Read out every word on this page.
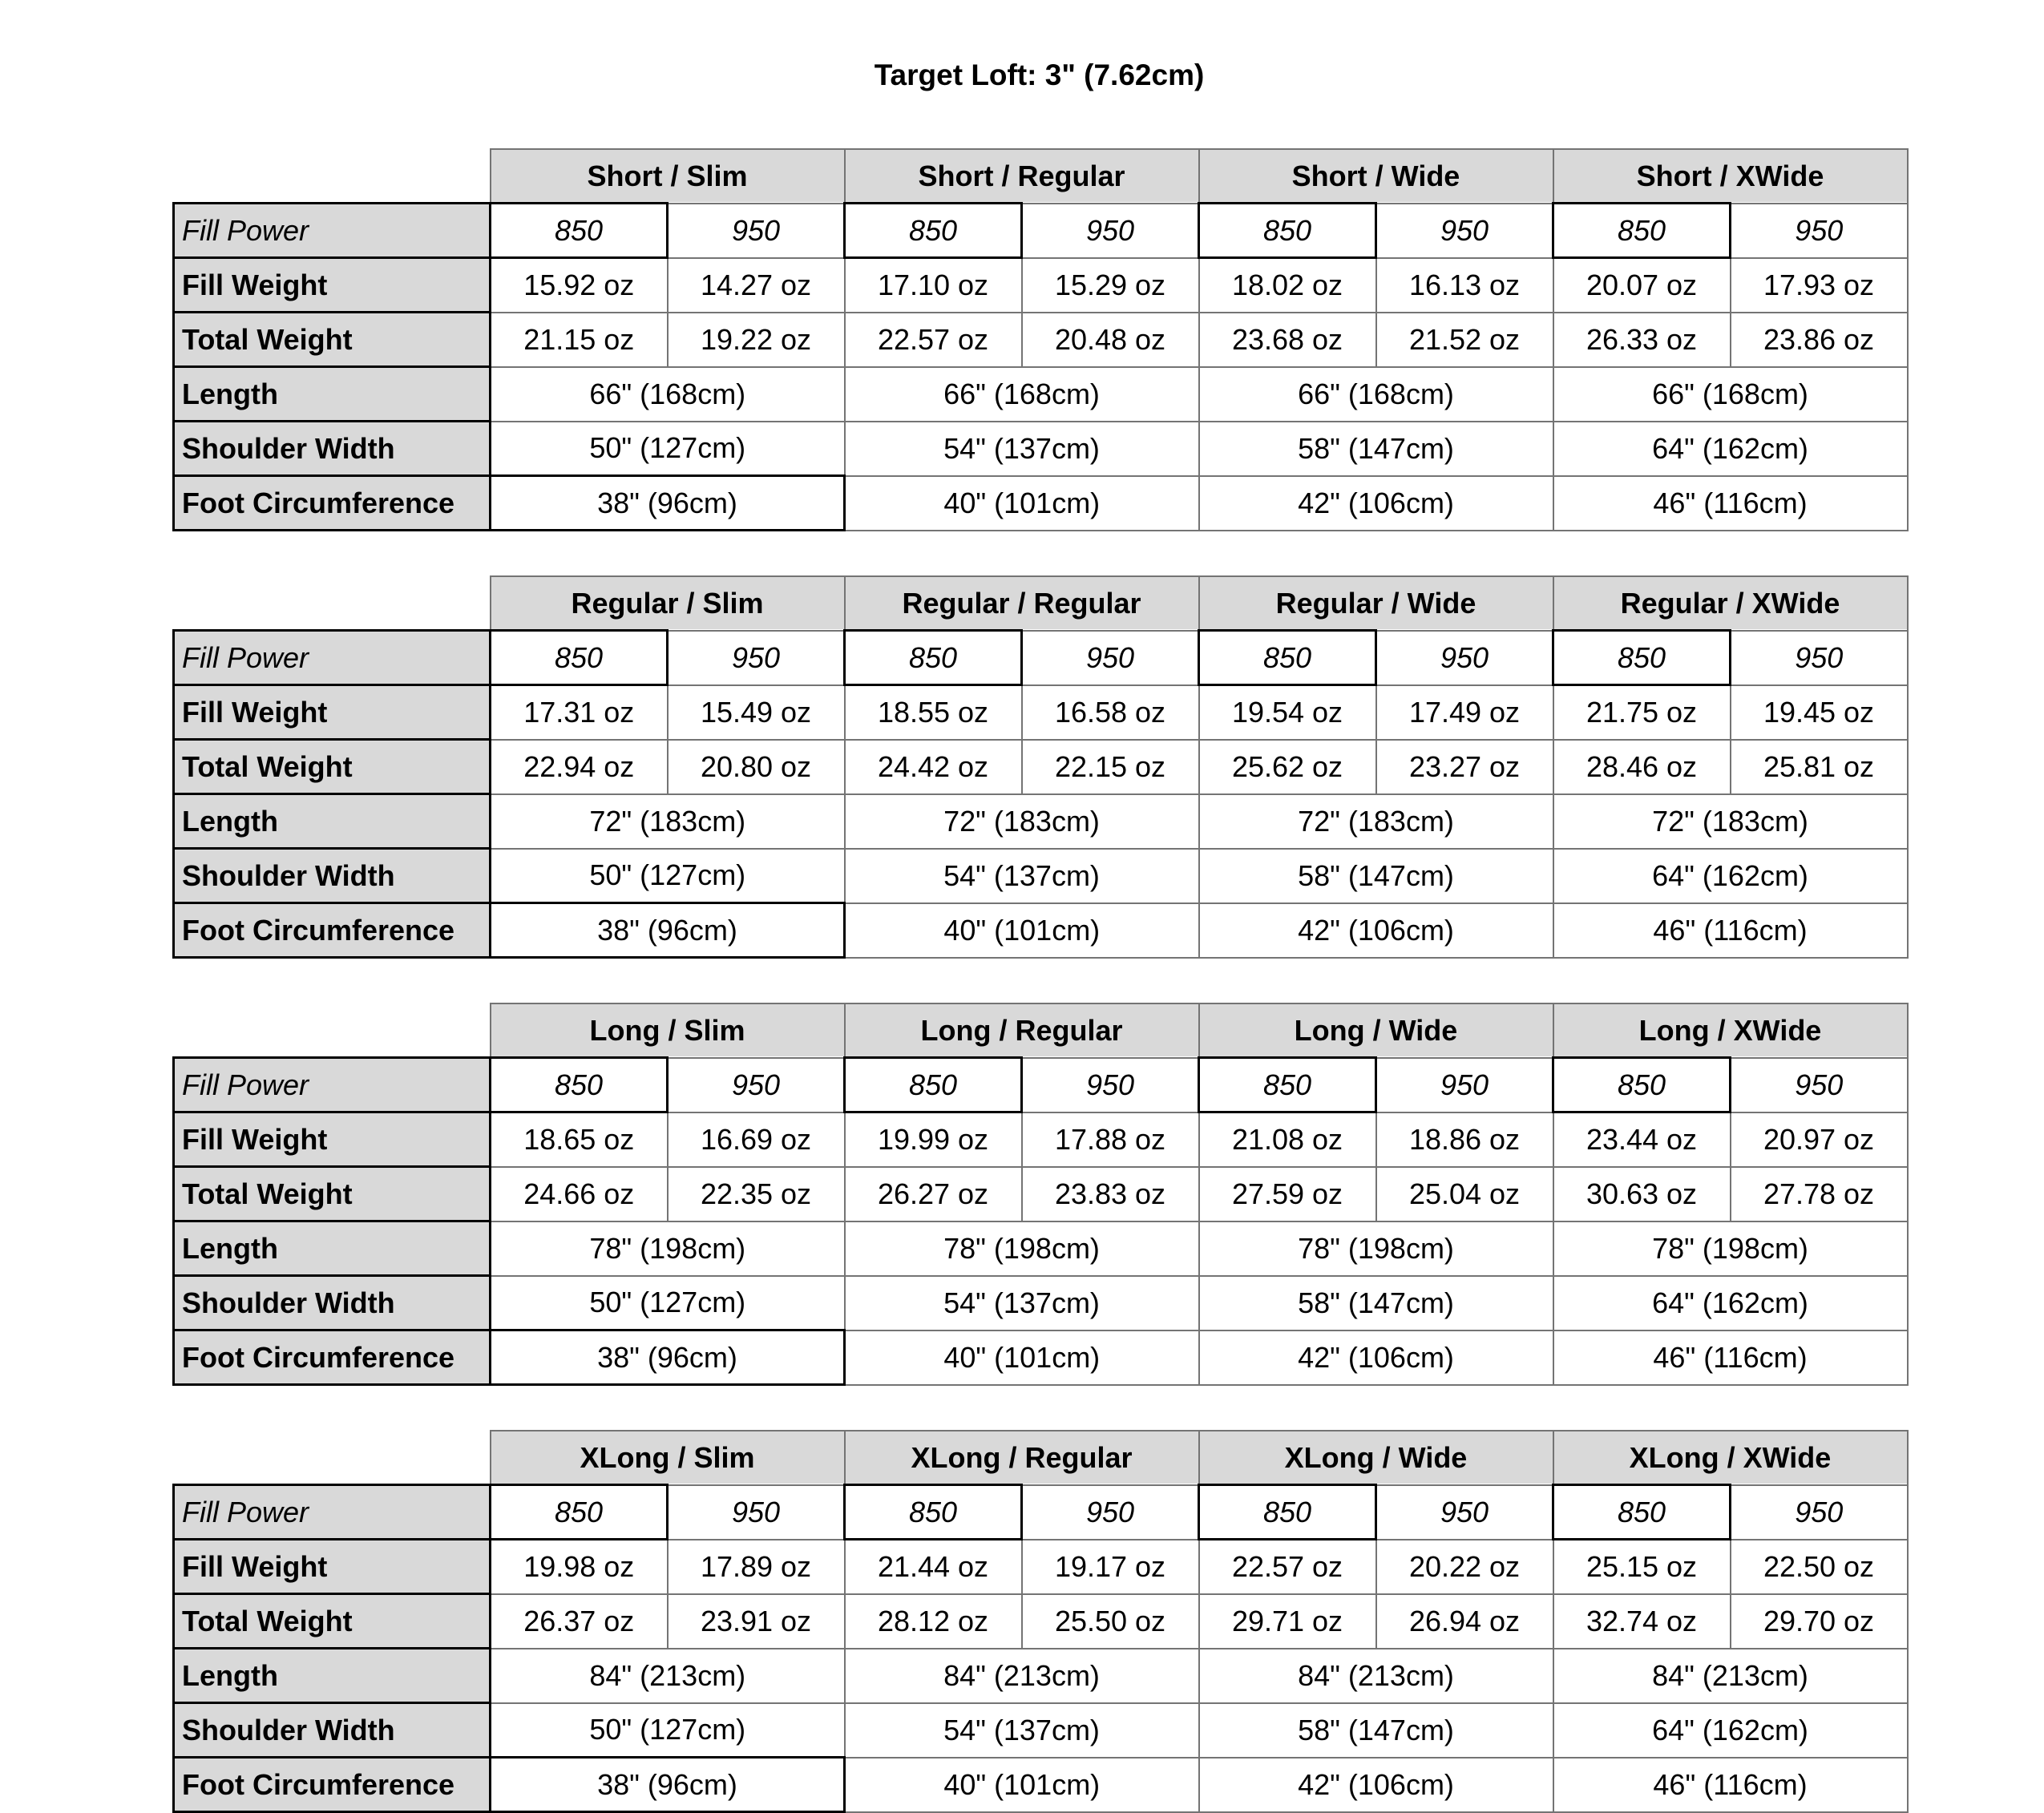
Target Loft: 3" (7.62cm)
	Short / Slim		Short / Regular		Short / Wide		Short / XWide	
Fill Power	850	950	850	950	850	950	850	950
Fill Weight	15.92 oz	14.27 oz	17.10 oz	15.29 oz	18.02 oz	16.13 oz	20.07 oz	17.93 oz
Total Weight	21.15 oz	19.22 oz	22.57 oz	20.48 oz	23.68 oz	21.52 oz	26.33 oz	23.86 oz
Length	66" (168cm)		66" (168cm)		66" (168cm)		66" (168cm)	
Shoulder Width	50" (127cm)		54" (137cm)		58" (147cm)		64" (162cm)	
Foot Circumference	38" (96cm)		40" (101cm)		42" (106cm)		46" (116cm)	
	Regular / Slim		Regular / Regular		Regular / Wide		Regular / XWide	
Fill Power	850	950	850	950	850	950	850	950
Fill Weight	17.31 oz	15.49 oz	18.55 oz	16.58 oz	19.54 oz	17.49 oz	21.75 oz	19.45 oz
Total Weight	22.94 oz	20.80 oz	24.42 oz	22.15 oz	25.62 oz	23.27 oz	28.46 oz	25.81 oz
Length	72" (183cm)		72" (183cm)		72" (183cm)		72" (183cm)	
Shoulder Width	50" (127cm)		54" (137cm)		58" (147cm)		64" (162cm)	
Foot Circumference	38" (96cm)		40" (101cm)		42" (106cm)		46" (116cm)	
	Long / Slim		Long / Regular		Long / Wide		Long / XWide	
Fill Power	850	950	850	950	850	950	850	950
Fill Weight	18.65 oz	16.69 oz	19.99 oz	17.88 oz	21.08 oz	18.86 oz	23.44 oz	20.97 oz
Total Weight	24.66 oz	22.35 oz	26.27 oz	23.83 oz	27.59 oz	25.04 oz	30.63 oz	27.78 oz
Length	78" (198cm)		78" (198cm)		78" (198cm)		78" (198cm)	
Shoulder Width	50" (127cm)		54" (137cm)		58" (147cm)		64" (162cm)	
Foot Circumference	38" (96cm)		40" (101cm)		42" (106cm)		46" (116cm)	
	XLong / Slim		XLong / Regular		XLong / Wide		XLong / XWide	
Fill Power	850	950	850	950	850	950	850	950
Fill Weight	19.98 oz	17.89 oz	21.44 oz	19.17 oz	22.57 oz	20.22 oz	25.15 oz	22.50 oz
Total Weight	26.37 oz	23.91 oz	28.12 oz	25.50 oz	29.71 oz	26.94 oz	32.74 oz	29.70 oz
Length	84" (213cm)		84" (213cm)		84" (213cm)		84" (213cm)	
Shoulder Width	50" (127cm)		54" (137cm)		58" (147cm)		64" (162cm)	
Foot Circumference	38" (96cm)		40" (101cm)		42" (106cm)		46" (116cm)	
